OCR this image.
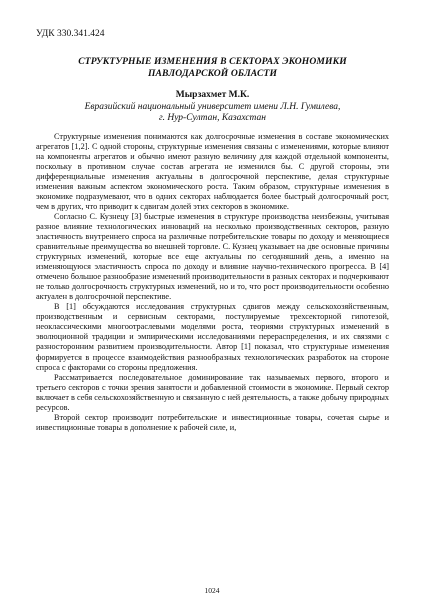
УДК 330.341.424
СТРУКТУРНЫЕ ИЗМЕНЕНИЯ В СЕКТОРАХ ЭКОНОМИКИ
ПАВЛОДАРСКОЙ ОБЛАСТИ
Мырзахмет М.К.
Евразийский национальный университет имени Л.Н. Гумилева,
г. Нур-Султан, Казахстан

Структурные изменения понимаются как долгосрочные изменения в составе экономических агрегатов [1,2]. С одной стороны, структурные изменения связаны с изменениями, которые влияют на компоненты агрегатов и обычно имеют разную величину для каждой отдельной компоненты, поскольку в противном случае состав агрегата не изменился бы. С другой стороны, эти дифференциальные изменения актуальны в долгосрочной перспективе, делая структурные изменения важным аспектом экономического роста. Таким образом, структурные изменения в экономике подразумевают, что в одних секторах наблюдается более быстрый долгосрочный рост, чем в других, что приводит к сдвигам долей этих секторов в экономике.

Согласно С. Кузнецу [3] быстрые изменения в структуре производства неизбежны, учитывая разное влияние технологических инноваций на несколько производственных секторов, разную эластичность внутреннего спроса на различные потребительские товары по доходу и меняющиеся сравнительные преимущества во внешней торговле. С. Кузнец указывает на две основные причины структурных изменений, которые все еще актуальны по сегодняшний день, а именно на изменяющуюся эластичность спроса по доходу и влияние научно-технического прогресса. В [4] отмечено большое разнообразие изменений производительности в разных секторах и подчеркивают не только долгосрочность структурных изменений, но и то, что рост производительности особенно актуален в долгосрочной перспективе.

В [1] обсуждаются исследования структурных сдвигов между сельскохозяйственным, производственным и сервисным секторами, постулируемые трехсекторной гипотезой, неоклассическими многоотраслевыми моделями роста, теориями структурных изменений в эволюционной традиции и эмпирическими исследованиями перераспределения, и их связями с разносторонним развитием производительности. Автор [1] показал, что структурные изменения формируется в процессе взаимодействия разнообразных технологических разработок на стороне спроса с факторами со стороны предложения.

Рассматривается последовательное доминирование так называемых первого, второго и третьего секторов с точки зрения занятости и добавленной стоимости в экономике. Первый сектор включает в себя сельскохозяйственную и связанную с ней деятельность, а также добычу природных ресурсов.

Второй сектор производит потребительские и инвестиционные товары, сочетая сырье и инвестиционные товары в дополнение к рабочей силе, и,

1024
